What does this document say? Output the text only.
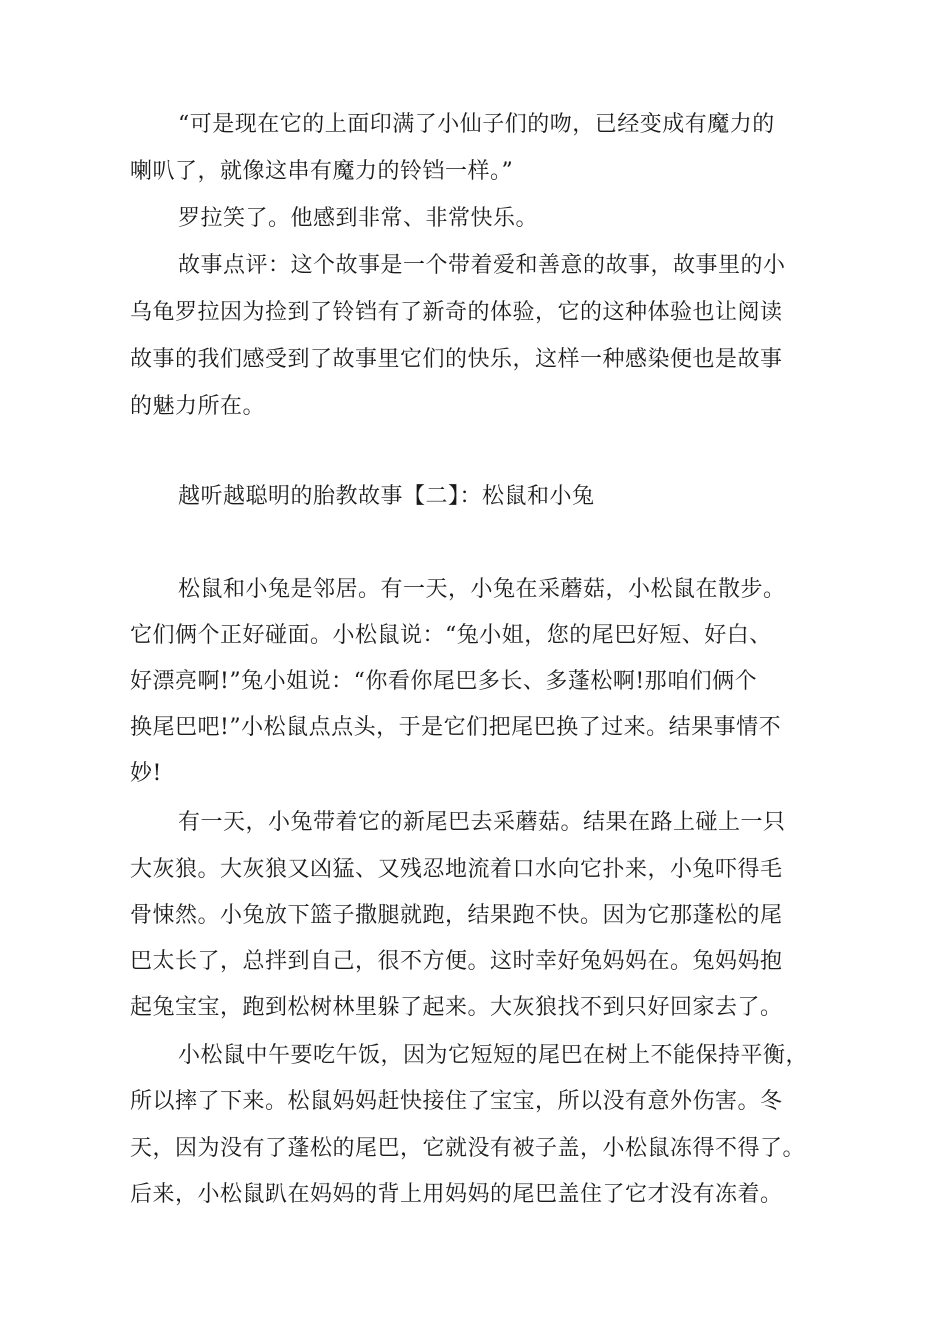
“可是现在它的上面印满了小仙子们的吻，已经变成有魔力的
喇叭了，就像这串有魔力的铃铛一样。”
罗拉笑了。他感到非常、非常快乐。
故事点评：这个故事是一个带着爱和善意的故事，故事里的小
乌龟罗拉因为捡到了铃铛有了新奇的体验，它的这种体验也让阅读
故事的我们感受到了故事里它们的快乐，这样一种感染便也是故事
的魅力所在。
越听越聪明的胎教故事【二】：松鼠和小兔
松鼠和小兔是邻居。有一天，小兔在采蘑菇，小松鼠在散步。
它们俩个正好碰面。小松鼠说：“兔小姐，您的尾巴好短、好白、
好漂亮啊!”兔小姐说：“你看你尾巴多长、多蓬松啊!那咱们俩个
换尾巴吧!”小松鼠点点头，于是它们把尾巴换了过来。结果事情不
妙!
有一天，小兔带着它的新尾巴去采蘑菇。结果在路上碰上一只
大灰狼。大灰狼又凶猛、又残忍地流着口水向它扑来，小兔吓得毛
骨悚然。小兔放下篮子撒腿就跑，结果跑不快。因为它那蓬松的尾
巴太长了，总拌到自己，很不方便。这时幸好兔妈妈在。兔妈妈抱
起兔宝宝，跑到松树林里躲了起来。大灰狼找不到只好回家去了。
小松鼠中午要吃午饭，因为它短短的尾巴在树上不能保持平衡，
所以摔了下来。松鼠妈妈赶快接住了宝宝，所以没有意外伤害。冬
天，因为没有了蓬松的尾巴，它就没有被子盖，小松鼠冻得不得了。
后来，小松鼠趴在妈妈的背上用妈妈的尾巴盖住了它才没有冻着。
